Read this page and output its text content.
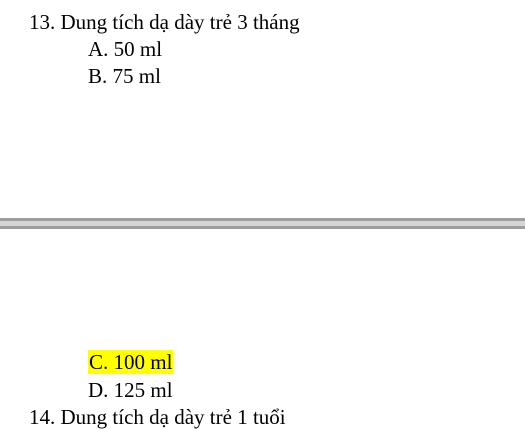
13. Dung tích dạ dày trẻ 3 tháng
A. 50 ml
B. 75 ml
C. 100 ml
D. 125 ml
14. Dung tích dạ dày trẻ 1 tuổi
